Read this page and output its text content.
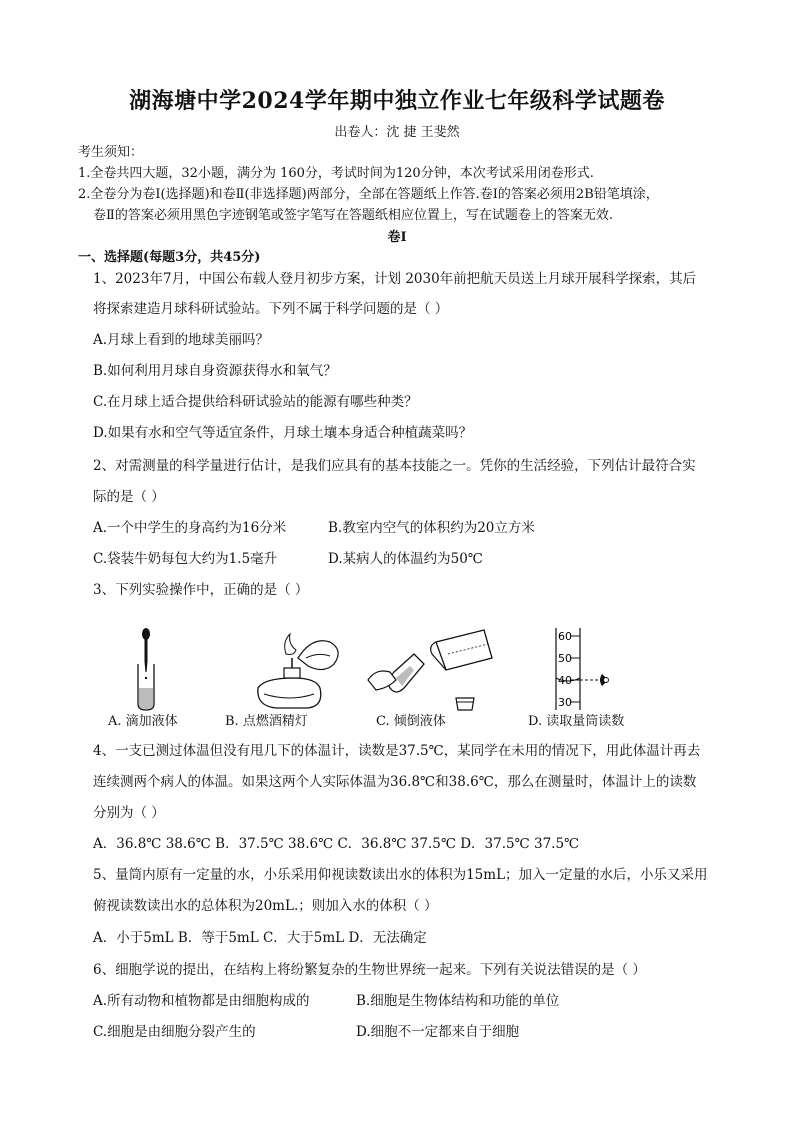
湖海塘中学2024学年期中独立作业七年级科学试题卷
出卷人：沈 捷 王斐然
考生须知：
1.全卷共四大题，32小题，满分为 160分，考试时间为120分钟，本次考试采用闭卷形式.
2.全卷分为卷Ⅰ(选择题)和卷Ⅱ(非选择题)两部分，全部在答题纸上作答.卷Ⅰ的答案必须用2B铅笔填涂，
卷Ⅱ的答案必须用黑色字迹钢笔或签字笔写在答题纸相应位置上，写在试题卷上的答案无效.
卷Ⅰ
一、选择题(每题3分，共45分)
1、2023年7月，中国公布载人登月初步方案，计划 2030年前把航天员送上月球开展科学探索，其后
将探索建造月球科研试验站。下列不属于科学问题的是（ ）
A.月球上看到的地球美丽吗？
B.如何利用月球自身资源获得水和氧气？
C.在月球上适合提供给科研试验站的能源有哪些种类？
D.如果有水和空气等适宜条件，月球土壤本身适合种植蔬菜吗？
2、对需测量的科学量进行估计，是我们应具有的基本技能之一。凭你的生活经验，下列估计最符合实
际的是（ ）
A.一个中学生的身高约为16分米	B.教室内空气的体积约为20立方米
C.袋装牛奶每包大约为1.5毫升	D.某病人的体温约为50℃
3、下列实验操作中，正确的是（ ）
60
50
40
30
A. 滴加液体	B. 点燃酒精灯	C. 倾倒液体	D. 读取量筒读数
4、一支已测过体温但没有甩几下的体温计，读数是37.5℃，某同学在未用的情况下，用此体温计再去
连续测两个病人的体温。如果这两个人实际体温为36.8℃和38.6℃，那么在测量时，体温计上的读数
分别为（ ）
A．36.8℃ 38.6℃ B．37.5℃ 38.6℃ C．36.8℃ 37.5℃ D．37.5℃ 37.5℃
5、量筒内原有一定量的水，小乐采用仰视读数读出水的体积为15mL；加入一定量的水后，小乐又采用
俯视读数读出水的总体积为20mL.；则加入水的体积（ ）
A．小于5mL B．等于5mL C．大于5mL D．无法确定
6、细胞学说的提出，在结构上将纷繁复杂的生物世界统一起来。下列有关说法错误的是（ ）
A.所有动物和植物都是由细胞构成的	B.细胞是生物体结构和功能的单位
C.细胞是由细胞分裂产生的	D.细胞不一定都来自于细胞
